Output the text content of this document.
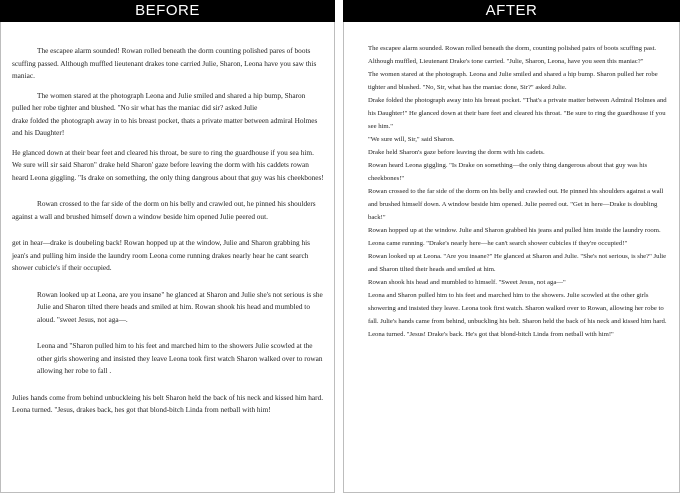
BEFORE

The escapee alarm sounded! Rowan rolled beneath the dorm counting polished pares of boots scuffing passed. Although muffled lieutenant drakes tone carried Julie, Sharon, Leona have you saw this maniac.

The women stared at the photograph Leona and Julie smiled and shared a hip bump, Sharon pulled her robe tighter and blushed. "No sir what has the maniac did sir? asked Julie

drake folded the photograph away in to his breast pocket, thats a private matter between admiral Holmes and his Daughter!

He glanced down at their bear feet and cleared his throat, be sure to ring the guardhouse if you sea him. We sure will sir said Sharon" drake held Sharon' gaze before leaving the dorm with his caddets rowan heard Leona giggling. "Is drake on something, the only thing dangrous about that guy was his cheekbones!

Rowan crossed to the far side of the dorm on his belly and crawled out, he pinned his shoulders against a wall and brushed himself down a window beside him opened Julie peered out.

get in hear—drake is doubeling back! Rowan hopped up at the window, Julie and Sharon grabbing his jean's and pulling him inside the laundry room Leona come running drakes nearly hear he cant search shower cubicle's if their occupied.

Rowan looked up at Leona, are you insane" he glanced at Sharon and Julie she's not serious is she Julie and Sharon tilted there heads and smiled at him. Rowan shook his head and mumbled to aloud. "sweet Jesus, not aga—.

Leona and "Sharon pulled him to his feet and marched him to the showers Julie scowled at the other girls showering and insisted they leave Leona took first watch Sharon walked over to rowan allowing her robe to fall .

Julies hands come from behind unbuckleing his belt Sharon held the back of his neck and kissed him hard. Leona turned. "Jesus, drakes back, hes got that blond-bitch Linda from netball with him!

AFTER

The escapee alarm sounded. Rowan rolled beneath the dorm, counting polished pairs of boots scuffing past. Although muffled, Lieutenant Drake's tone carried. "Julie, Sharon, Leona, have you seen this maniac?"

The women stared at the photograph. Leona and Julie smiled and shared a hip bump. Sharon pulled her robe tighter and blushed. "No, Sir, what has the maniac done, Sir?" asked Julie.

Drake folded the photograph away into his breast pocket. "That's a private matter between Admiral Holmes and his Daughter!" He glanced down at their bare feet and cleared his throat. "Be sure to ring the guardhouse if you see him."

"We sure will, Sir," said Sharon.

Drake held Sharon's gaze before leaving the dorm with his cadets.

Rowan heard Leona giggling. "Is Drake on something—the only thing dangerous about that guy was his cheekbones!"

Rowan crossed to the far side of the dorm on his belly and crawled out. He pinned his shoulders against a wall and brushed himself down. A window beside him opened. Julie peered out. "Get in here—Drake is doubling back!"

Rowan hopped up at the window. Julie and Sharon grabbed his jeans and pulled him inside the laundry room. Leona came running. "Drake's nearly here—he can't search shower cubicles if they're occupied!"

Rowan looked up at Leona. "Are you insane?" He glanced at Sharon and Julie. "She's not serious, is she?" Julie and Sharon tilted their heads and smiled at him.

Rowan shook his head and mumbled to himself. "Sweet Jesus, not aga—"

Leona and Sharon pulled him to his feet and marched him to the showers. Julie scowled at the other girls showering and insisted they leave. Leona took first watch. Sharon walked over to Rowan, allowing her robe to fall. Julie's hands came from behind, unbuckling his belt. Sharon held the back of his neck and kissed him hard. Leona turned. "Jesus! Drake's back. He's got that blond-bitch Linda from netball with him!"
